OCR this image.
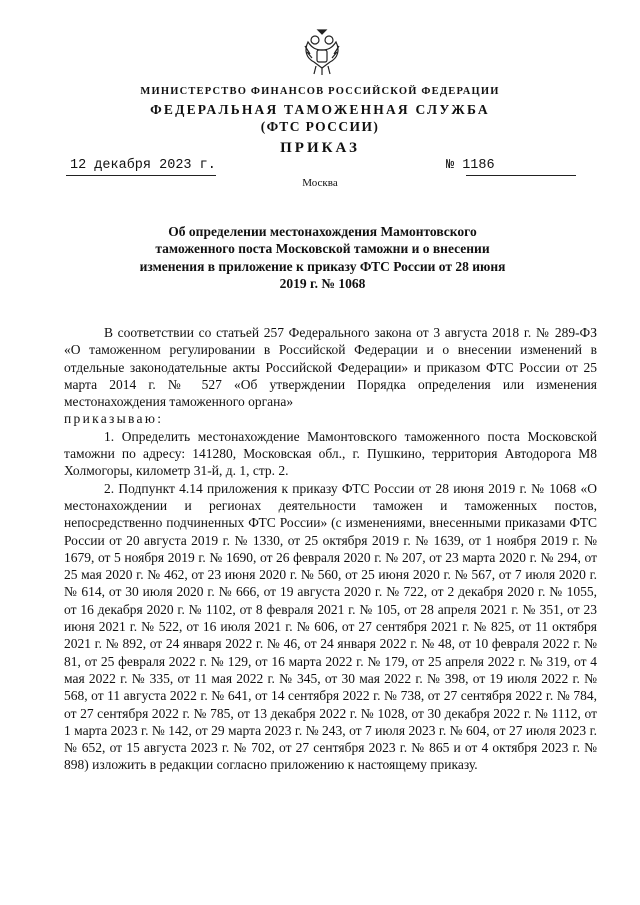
МИНИСТЕРСТВО ФИНАНСОВ РОССИЙСКОЙ ФЕДЕРАЦИИ
ФЕДЕРАЛЬНАЯ ТАМОЖЕННАЯ СЛУЖБА
(ФТС РОССИИ)
ПРИКАЗ
12 декабря 2023 г.	№ 1186
Москва
Об определении местонахождения Мамонтовского таможенного поста Московской таможни и о внесении изменения в приложение к приказу ФТС России от 28 июня 2019 г. № 1068

В соответствии со статьей 257 Федерального закона от 3 августа 2018 г. № 289-ФЗ «О таможенном регулировании в Российской Федерации и о внесении изменений в отдельные законодательные акты Российской Федерации» и приказом ФТС России от 25 марта 2014 г. № 527 «Об утверждении Порядка определения или изменения местонахождения таможенного органа»
приказываю:

1. Определить местонахождение Мамонтовского таможенного поста Московской таможни по адресу: 141280, Московская обл., г. Пушкино, территория Автодорога М8 Холмогоры, километр 31-й, д. 1, стр. 2.

2. Подпункт 4.14 приложения к приказу ФТС России от 28 июня 2019 г. № 1068 «О местонахождении и регионах деятельности таможен и таможенных постов, непосредственно подчиненных ФТС России» (с изменениями, внесенными приказами ФТС России от 20 августа 2019 г. № 1330, от 25 октября 2019 г. № 1639, от 1 ноября 2019 г. № 1679, от 5 ноября 2019 г. № 1690, от 26 февраля 2020 г. № 207, от 23 марта 2020 г. № 294, от 25 мая 2020 г. № 462, от 23 июня 2020 г. № 560, от 25 июня 2020 г. № 567, от 7 июля 2020 г. № 614, от 30 июля 2020 г. № 666, от 19 августа 2020 г. № 722, от 2 декабря 2020 г. № 1055, от 16 декабря 2020 г. № 1102, от 8 февраля 2021 г. № 105, от 28 апреля 2021 г. № 351, от 23 июня 2021 г. № 522, от 16 июля 2021 г. № 606, от 27 сентября 2021 г. № 825, от 11 октября 2021 г. № 892, от 24 января 2022 г. № 46, от 24 января 2022 г. № 48, от 10 февраля 2022 г. № 81, от 25 февраля 2022 г. № 129, от 16 марта 2022 г. № 179, от 25 апреля 2022 г. № 319, от 4 мая 2022 г. № 335, от 11 мая 2022 г. № 345, от 30 мая 2022 г. № 398, от 19 июля 2022 г. № 568, от 11 августа 2022 г. № 641, от 14 сентября 2022 г. № 738, от 27 сентября 2022 г. № 784, от 27 сентября 2022 г. № 785, от 13 декабря 2022 г. № 1028, от 30 декабря 2022 г. № 1112, от 1 марта 2023 г. № 142, от 29 марта 2023 г. № 243, от 7 июля 2023 г. № 604, от 27 июля 2023 г. № 652, от 15 августа 2023 г. № 702, от 27 сентября 2023 г. № 865 и от 4 октября 2023 г. № 898) изложить в редакции согласно приложению к настоящему приказу.
